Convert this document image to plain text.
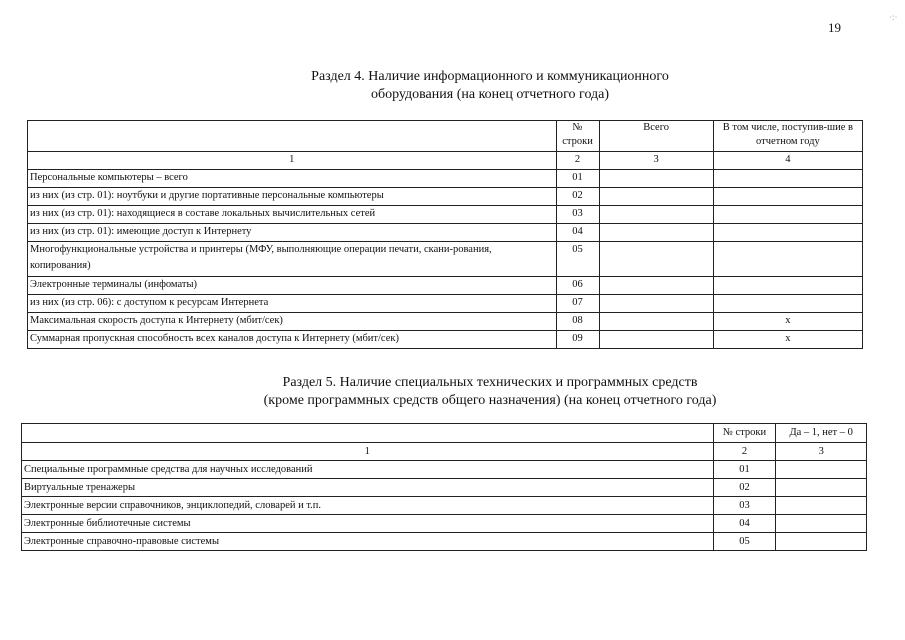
19
·:·
Раздел 4. Наличие информационного и коммуникационного
оборудования (на конец отчетного года)
	№ строки	Всего	В том числе, поступив-шие в отчетном году
1	2	3	4
Персональные компьютеры – всего	01		
из них (из стр. 01): ноутбуки и другие портативные персональные компьютеры	02		
из них (из стр. 01): находящиеся в составе локальных вычислительных сетей	03		
из них (из стр. 01): имеющие доступ к Интернету	04		
Многофункциональные устройства и принтеры (МФУ, выполняющие операции печати, скани-рования, копирования)	05		
Электронные терминалы (инфоматы)	06		
из них (из стр. 06): с доступом к ресурсам Интернета	07		
Максимальная скорость доступа к Интернету (мбит/сек)	08		x
Суммарная пропускная способность всех каналов доступа к Интернету (мбит/сек)	09		x
Раздел 5. Наличие специальных технических и программных средств
(кроме программных средств общего назначения) (на конец отчетного года)
	№ строки	Да – 1, нет – 0
1	2	3
Специальные программные средства для научных исследований	01	
Виртуальные тренажеры	02	
Электронные версии справочников, энциклопедий, словарей и т.п.	03	
Электронные библиотечные системы	04	
Электронные справочно-правовые системы	05	
